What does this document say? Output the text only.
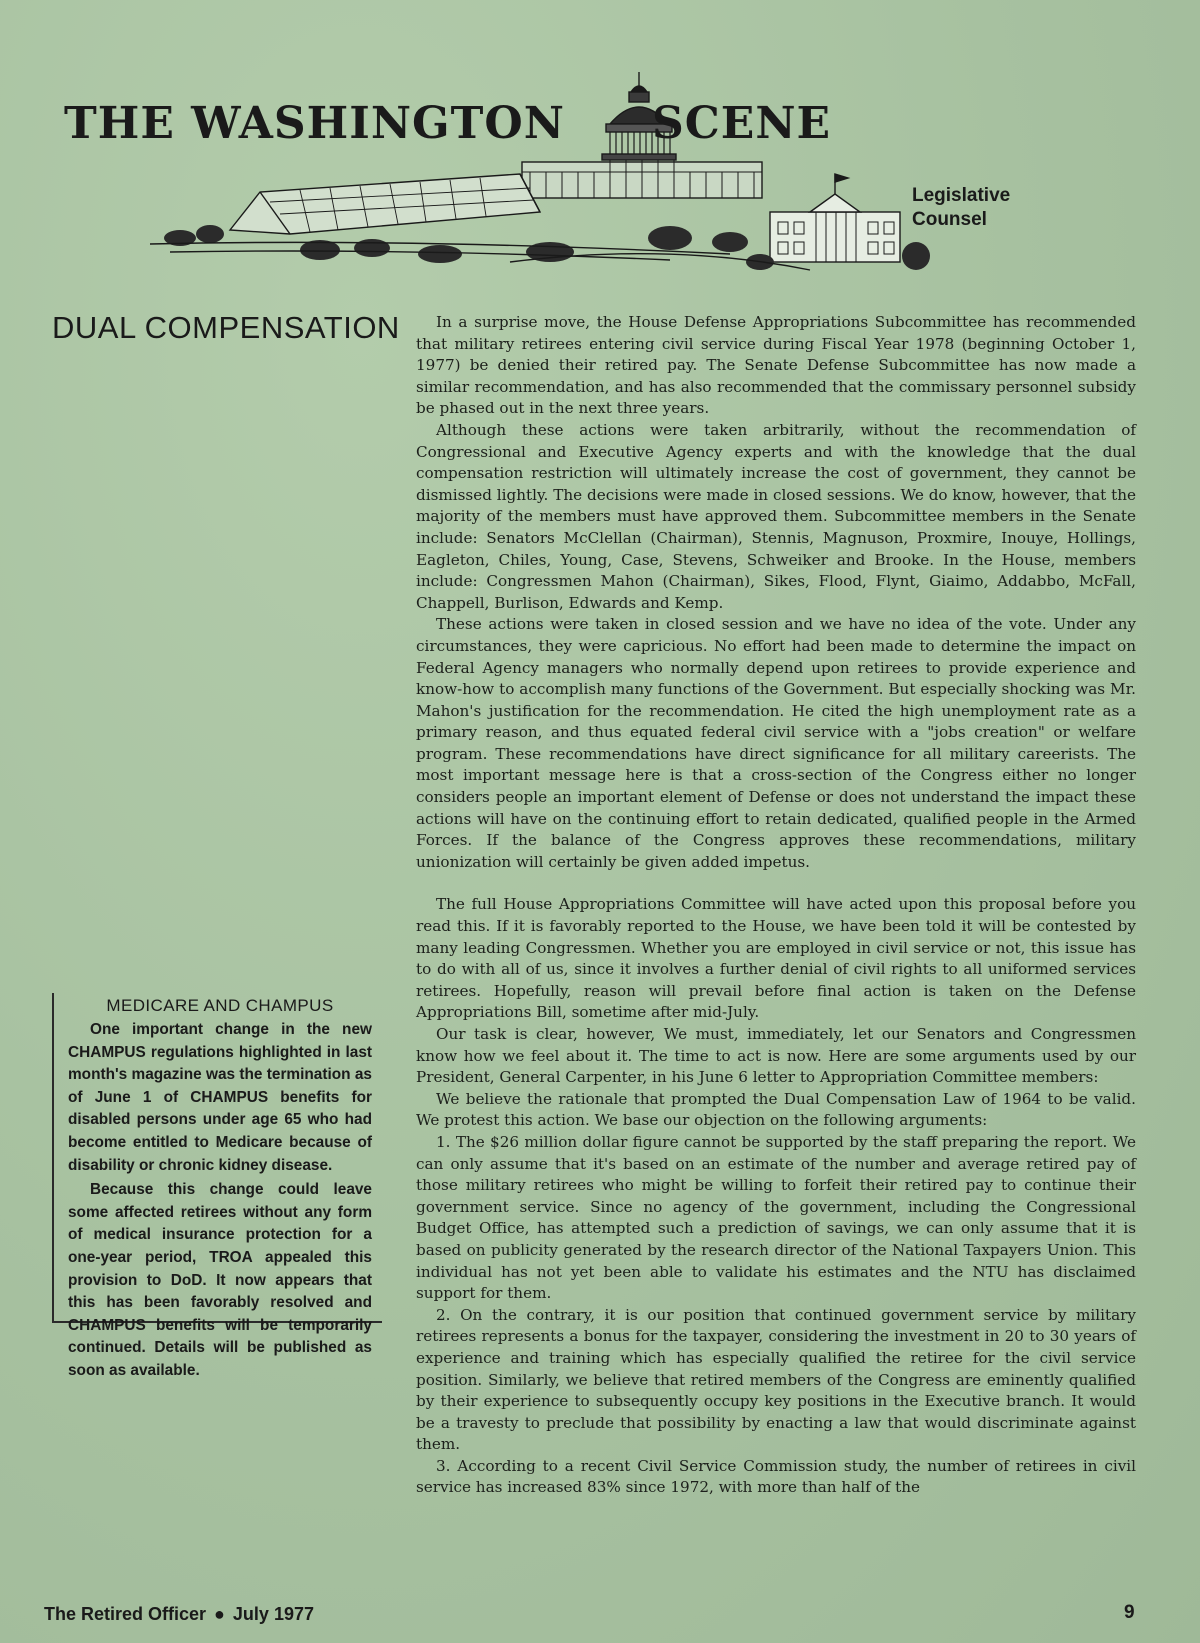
THE WASHINGTON SCENE
Legislative
Counsel
DUAL COMPENSATION	In a surprise move, the House Defense Appropriations Subcommittee has recommended that military retirees entering civil service during Fiscal Year 1978 (beginning October 1, 1977) be denied their retired pay. The Senate Defense Subcommittee has now made a similar recommendation, and has also recommended that the commissary personnel subsidy be phased out in the next three years.

Although these actions were taken arbitrarily, without the recommendation of Congressional and Executive Agency experts and with the knowledge that the dual compensation restriction will ultimately increase the cost of government, they cannot be dismissed lightly. The decisions were made in closed sessions. We do know, however, that the majority of the members must have approved them. Subcommittee members in the Senate include: Senators McClellan (Chairman), Stennis, Magnuson, Proxmire, Inouye, Hollings, Eagleton, Chiles, Young, Case, Stevens, Schweiker and Brooke. In the House, members include: Congressmen Mahon (Chairman), Sikes, Flood, Flynt, Giaimo, Addabbo, McFall, Chappell, Burlison, Edwards and Kemp.

These actions were taken in closed session and we have no idea of the vote. Under any circumstances, they were capricious. No effort had been made to determine the impact on Federal Agency managers who normally depend upon retirees to provide experience and know-how to accomplish many functions of the Government. But especially shocking was Mr. Mahon's justification for the recommendation. He cited the high unemployment rate as a primary reason, and thus equated federal civil service with a "jobs creation" or welfare program. These recommendations have direct significance for all military careerists. The most important message here is that a cross-section of the Congress either no longer considers people an important element of Defense or does not understand the impact these actions will have on the continuing effort to retain dedicated, qualified people in the Armed Forces. If the balance of the Congress approves these recommendations, military unionization will certainly be given added impetus.

The full House Appropriations Committee will have acted upon this proposal before you read this. If it is favorably reported to the House, we have been told it will be contested by many leading Congressmen. Whether you are employed in civil service or not, this issue has to do with all of us, since it involves a further denial of civil rights to all uniformed services retirees. Hopefully, reason will prevail before final action is taken on the Defense Appropriations Bill, sometime after mid-July.

Our task is clear, however, We must, immediately, let our Senators and Congressmen know how we feel about it. The time to act is now. Here are some arguments used by our President, General Carpenter, in his June 6 letter to Appropriation Committee members:

We believe the rationale that prompted the Dual Compensation Law of 1964 to be valid. We protest this action. We base our objection on the following arguments:

1. The $26 million dollar figure cannot be supported by the staff preparing the report. We can only assume that it's based on an estimate of the number and average retired pay of those military retirees who might be willing to forfeit their retired pay to continue their government service. Since no agency of the government, including the Congressional Budget Office, has attempted such a prediction of savings, we can only assume that it is based on publicity generated by the research director of the National Taxpayers Union. This individual has not yet been able to validate his estimates and the NTU has disclaimed support for them.

2. On the contrary, it is our position that continued government service by military retirees represents a bonus for the taxpayer, considering the investment in 20 to 30 years of experience and training which has especially qualified the retiree for the civil service position. Similarly, we believe that retired members of the Congress are eminently qualified by their experience to subsequently occupy key positions in the Executive branch. It would be a travesty to preclude that possibility by enacting a law that would discriminate against them.

3. According to a recent Civil Service Commission study, the number of retirees in civil service has increased 83% since 1972, with more than half of the

MEDICARE AND CHAMPUS

One important change in the new CHAMPUS regulations highlighted in last month's magazine was the termination as of June 1 of CHAMPUS benefits for disabled persons under age 65 who had become entitled to Medicare because of disability or chronic kidney disease.

Because this change could leave some affected retirees without any form of medical insurance protection for a one-year period, TROA appealed this provision to DoD. It now appears that this has been favorably resolved and CHAMPUS benefits will be temporarily continued. Details will be published as soon as available.

The Retired Officer ● July 1977	9
